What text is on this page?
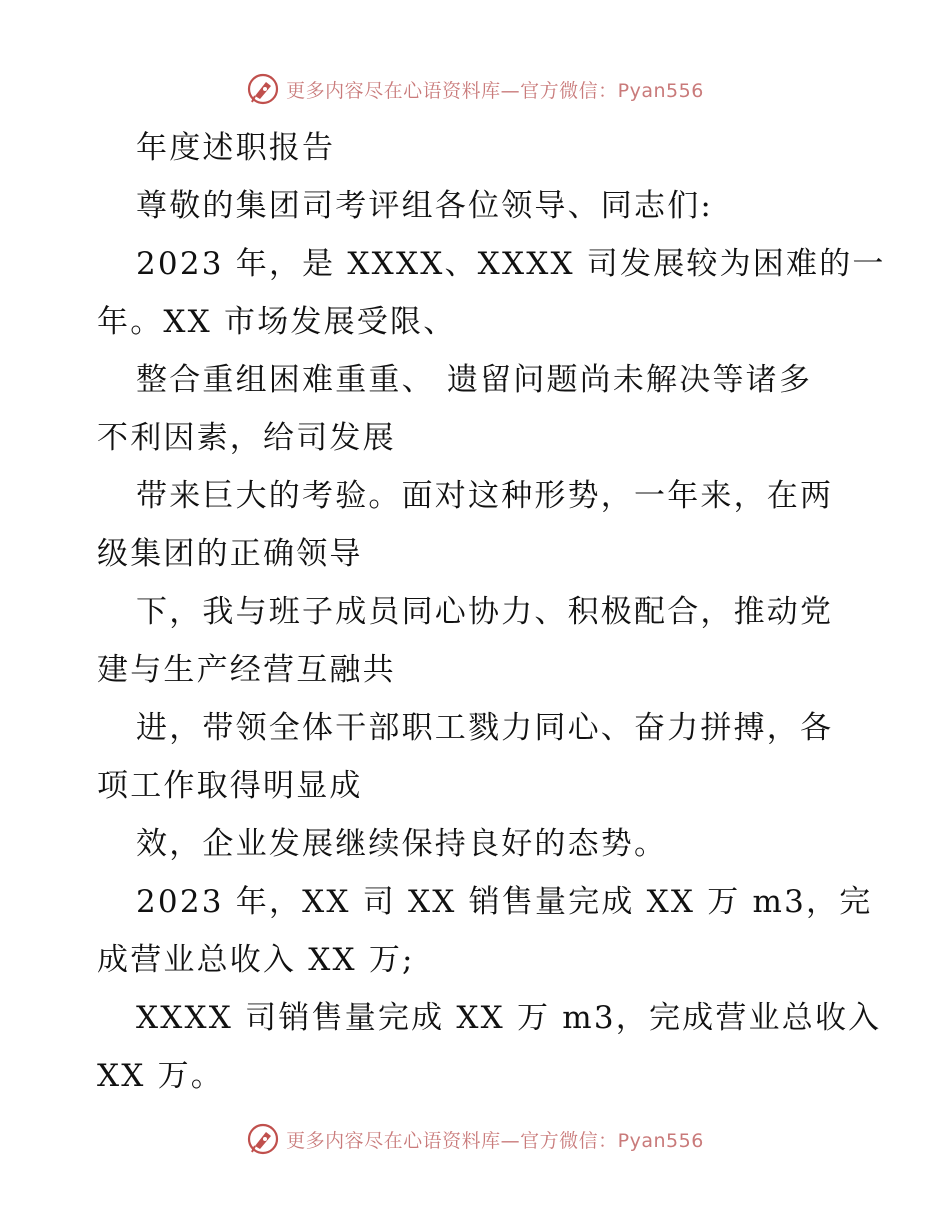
更多内容尽在心语资料库—官方微信：Pyan556
年度述职报告
尊敬的集团司考评组各位领导、同志们:
2023 年，是 XXXX、XXXX 司发展较为困难的一
年。XX 市场发展受限、
整合重组困难重重、 遗留问题尚未解决等诸多
不利因素，给司发展
带来巨大的考验。面对这种形势，一年来，在两
级集团的正确领导
下，我与班子成员同心协力、积极配合，推动党
建与生产经营互融共
进，带领全体干部职工戮力同心、奋力拼搏，各
项工作取得明显成
效，企业发展继续保持良好的态势。
2023 年，XX 司 XX 销售量完成 XX 万 m3，完
成营业总收入 XX 万;
XXXX 司销售量完成 XX 万 m3，完成营业总收入
XX 万。
更多内容尽在心语资料库—官方微信：Pyan556
